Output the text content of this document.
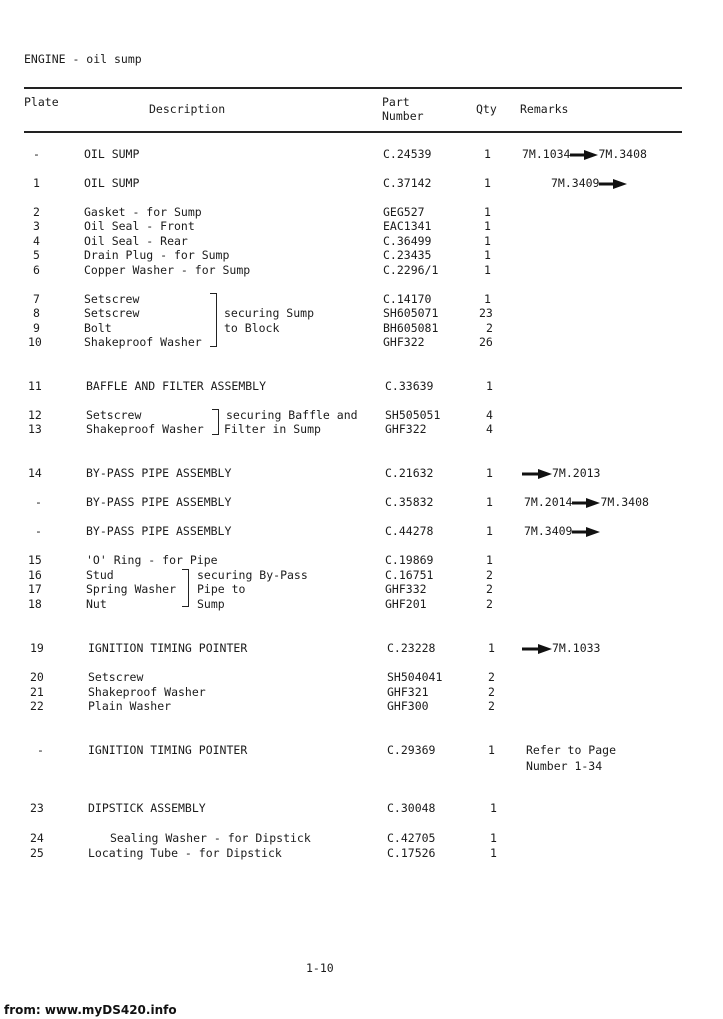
ENGINE - oil sump
Plate	Description	Part
Number	Qty Remarks
-	OIL SUMP	C.24539	1	7M.1034 7M.3408
1	OIL SUMP	C.37142	1	7M.3409
2	Gasket - for Sump	GEG527	1
3	Oil Seal - Front	EAC1341	1
4	Oil Seal - Rear	C.36499	1
5	Drain Plug - for Sump	C.23435	1
6	Copper Washer - for Sump	C.2296/1	1
7	Setscrew	C.14170	1
8	Setscrew	SH605071	23
9	Bolt	BH605081	2
10	Shakeproof Washer	GHF322	26
securing Sump
to Block
11	BAFFLE AND FILTER ASSEMBLY	C.33639	1
12	Setscrew	SH505051	4
13	Shakeproof Washer	GHF322	4
securing Baffle and
Filter in Sump
14	BY-PASS PIPE ASSEMBLY	C.21632	1	7M.2013
-	BY-PASS PIPE ASSEMBLY	C.35832	1	7M.2014 7M.3408
-	BY-PASS PIPE ASSEMBLY	C.44278	1	7M.3409
15	'O' Ring - for Pipe	C.19869	1
16	Stud	C.16751	2
17	Spring Washer	GHF332	2
18	Nut	GHF201	2
securing By-Pass
Pipe to
Sump
19	IGNITION TIMING POINTER	C.23228	1	7M.1033
20	Setscrew	SH504041	2
21	Shakeproof Washer	GHF321	2
22	Plain Washer	GHF300	2
-	IGNITION TIMING POINTER	C.29369	1	Refer to Page
Number 1-34
23	DIPSTICK ASSEMBLY	C.30048	1
24	Sealing Washer - for Dipstick	C.42705	1
25	Locating Tube - for Dipstick	C.17526	1
1-10
from: www.myDS420.info
